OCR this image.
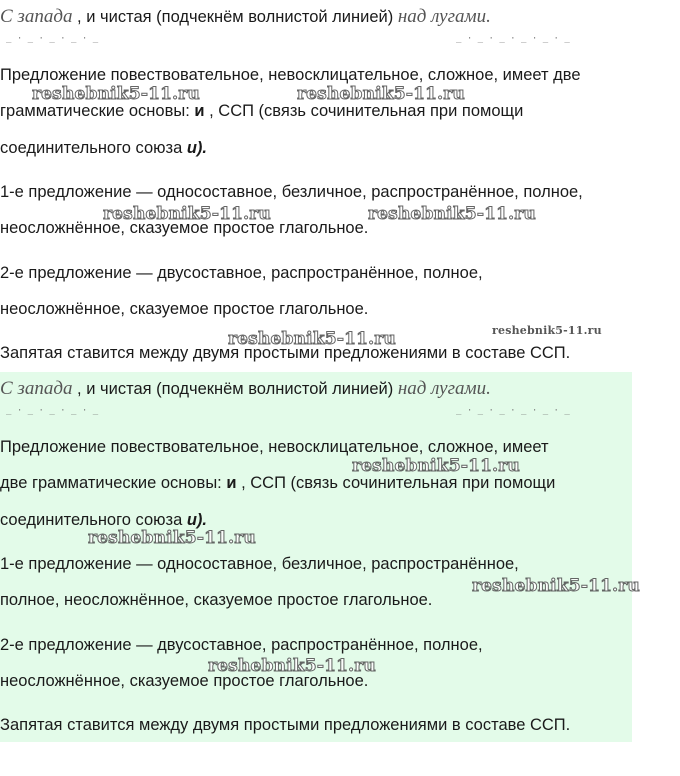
С запада , и чистая (подчекнём волнистой линией) над лугами.
_ · _ · _ · _ · _	_ · _ · _ · _ · _ · _
Предложение повествовательное, невосклицательное, сложное, имеет две
грамматические основы: и , ССП (связь сочинительная при помощи
соединительного союза и).
1-е предложение — односоставное, безличное, распространённое, полное,
неосложнённое, сказуемое простое глагольное.
2-е предложение — двусоставное, распространённое, полное,
неосложнённое, сказуемое простое глагольное.
Запятая ставится между двумя простыми предложениями в составе ССП.
reshebnik5-11.ru	reshebnik5-11.ru
reshebnik5-11.ru	reshebnik5-11.ru
reshebnik5-11.ru	reshebnik5-11.ru
С запада , и чистая (подчекнём волнистой линией) над лугами.
_ · _ · _ · _ · _	_ · _ · _ · _ · _ · _
Предложение повествовательное, невосклицательное, сложное, имеет
две грамматические основы: и , ССП (связь сочинительная при помощи
соединительного союза и).
1-е предложение — односоставное, безличное, распространённое,
полное, неосложнённое, сказуемое простое глагольное.
2-е предложение — двусоставное, распространённое, полное,
неосложнённое, сказуемое простое глагольное.
Запятая ставится между двумя простыми предложениями в составе ССП.
reshebnik5-11.ru
reshebnik5-11.ru
reshebnik5-11.ru
reshebnik5-11.ru
